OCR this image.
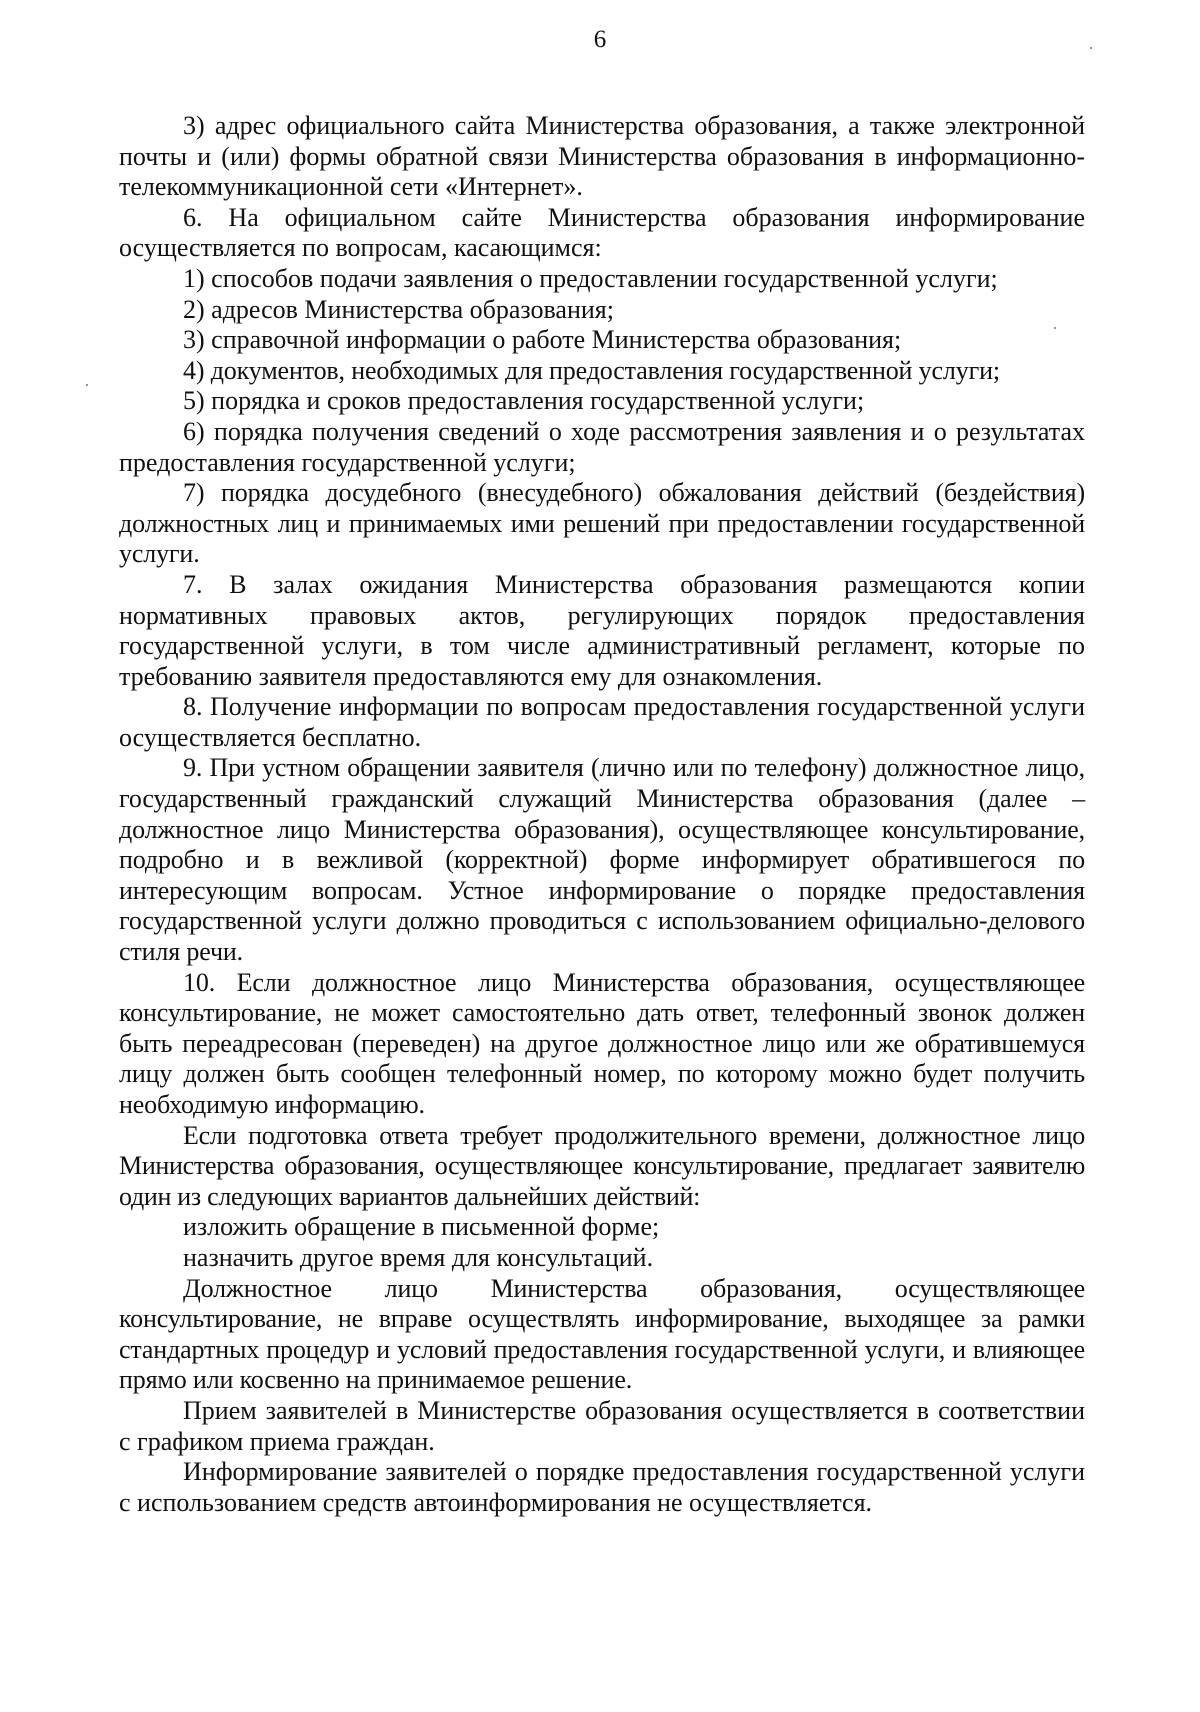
6

3) адрес официального сайта Министерства образования, а также электронной почты и (или) формы обратной связи Министерства образования в информационно-телекоммуникационной сети «Интернет».

6. На официальном сайте Министерства образования информирование осуществляется по вопросам, касающимся:

1) способов подачи заявления о предоставлении государственной услуги;

2) адресов Министерства образования;

3) справочной информации о работе Министерства образования;

4) документов, необходимых для предоставления государственной услуги;

5) порядка и сроков предоставления государственной услуги;

6) порядка получения сведений о ходе рассмотрения заявления и о результатах предоставления государственной услуги;

7) порядка досудебного (внесудебного) обжалования действий (бездействия) должностных лиц и принимаемых ими решений при предоставлении государственной услуги.

7. В залах ожидания Министерства образования размещаются копии нормативных правовых актов, регулирующих порядок предоставления государственной услуги, в том числе административный регламент, которые по требованию заявителя предоставляются ему для ознакомления.

8. Получение информации по вопросам предоставления государственной услуги осуществляется бесплатно.

9. При устном обращении заявителя (лично или по телефону) должностное лицо, государственный гражданский служащий Министерства образования (далее – должностное лицо Министерства образования), осуществляющее консультирование, подробно и в вежливой (корректной) форме информирует обратившегося по интересующим вопросам. Устное информирование о порядке предоставления государственной услуги должно проводиться с использованием официально-делового стиля речи.

10. Если должностное лицо Министерства образования, осуществляющее консультирование, не может самостоятельно дать ответ, телефонный звонок должен быть переадресован (переведен) на другое должностное лицо или же обратившемуся лицу должен быть сообщен телефонный номер, по которому можно будет получить необходимую информацию.

Если подготовка ответа требует продолжительного времени, должностное лицо Министерства образования, осуществляющее консультирование, предлагает заявителю один из следующих вариантов дальнейших действий:

изложить обращение в письменной форме;

назначить другое время для консультаций.

Должностное лицо Министерства образования, осуществляющее консультирование, не вправе осуществлять информирование, выходящее за рамки стандартных процедур и условий предоставления государственной услуги, и влияющее прямо или косвенно на принимаемое решение.

Прием заявителей в Министерстве образования осуществляется в соответствии с графиком приема граждан.

Информирование заявителей о порядке предоставления государственной услуги с использованием средств автоинформирования не осуществляется.
